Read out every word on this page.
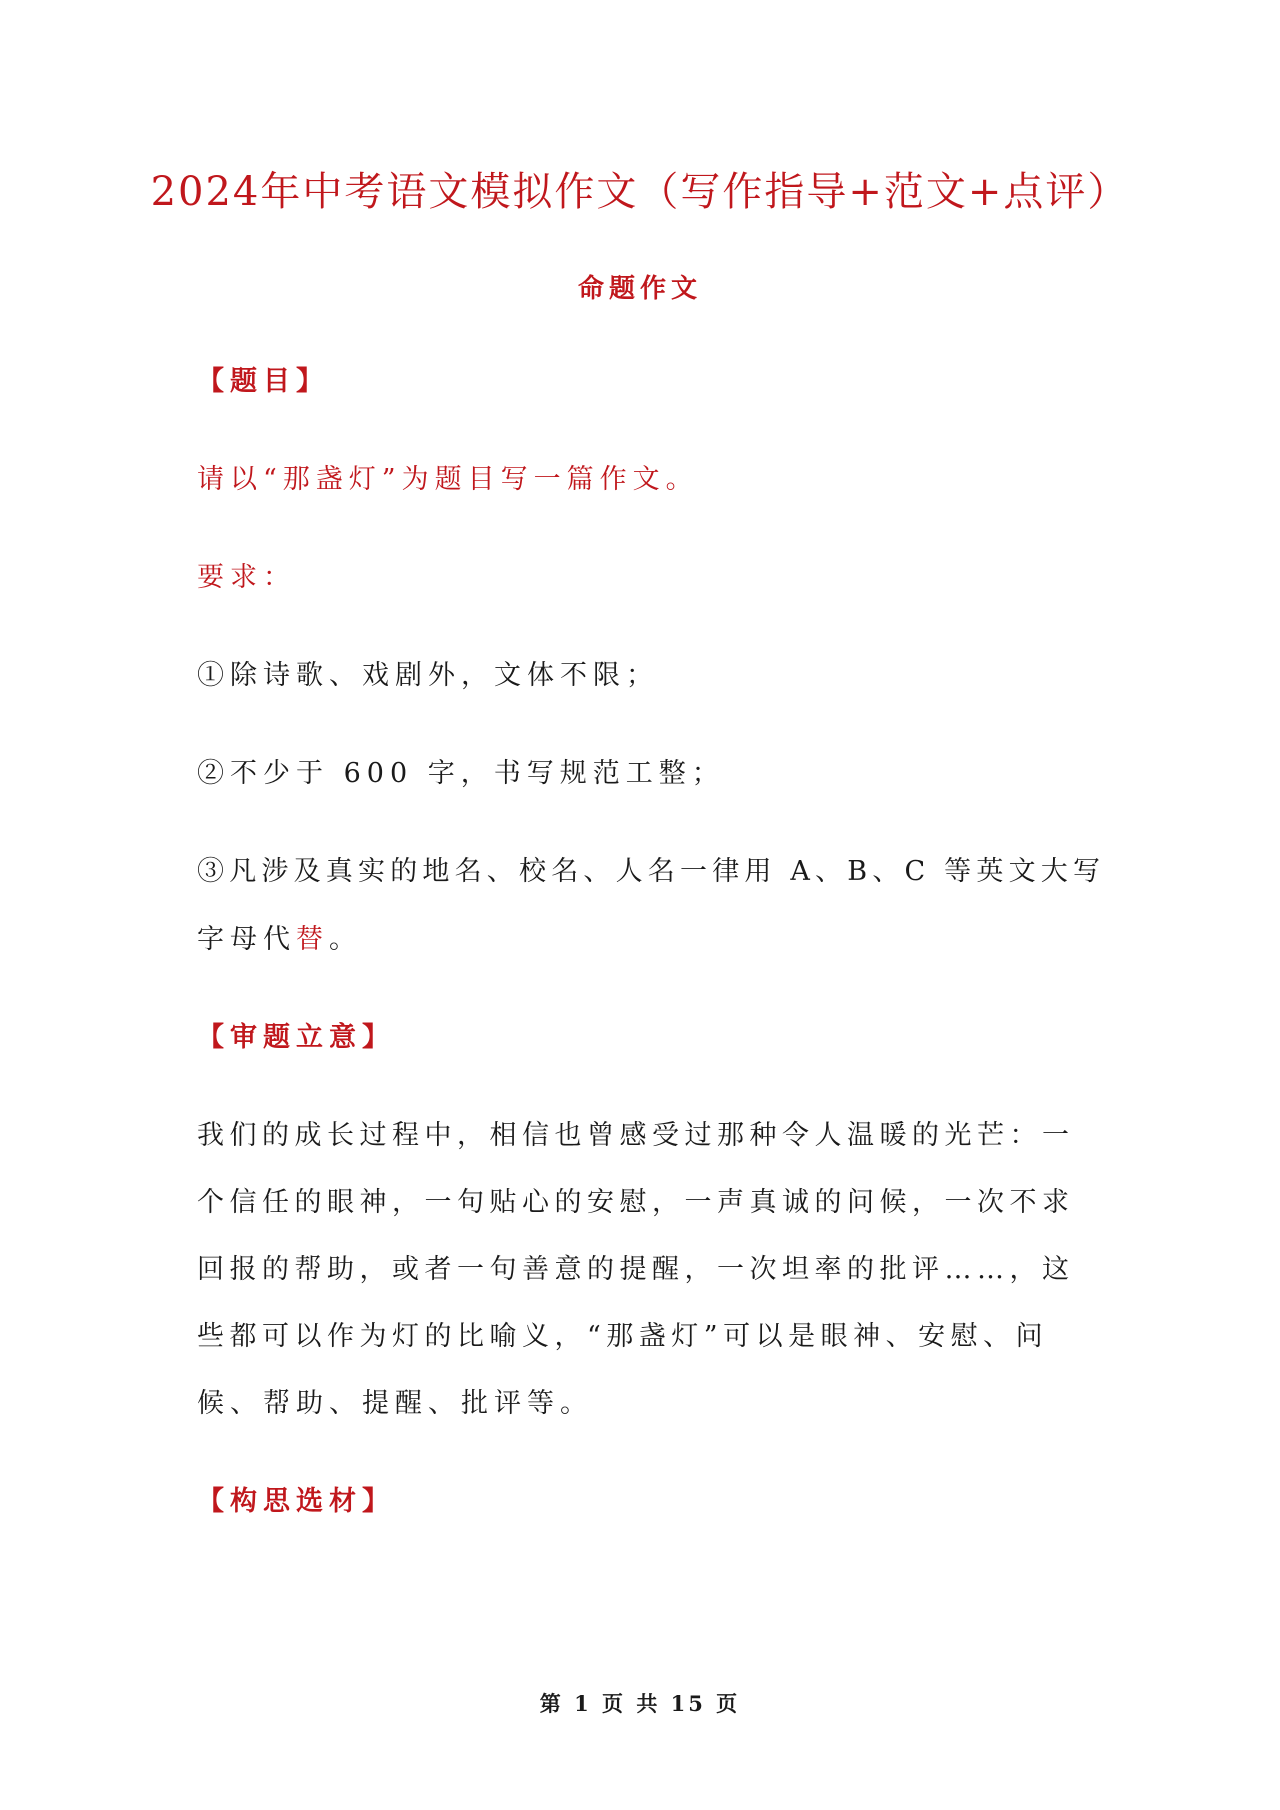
2024年中考语文模拟作文（写作指导+范文+点评）
命题作文
【题目】
请以“那盏灯”为题目写一篇作文。
要求：
①除诗歌、戏剧外，文体不限；
②不少于 600 字，书写规范工整；
③凡涉及真实的地名、校名、人名一律用 A、B、C 等英文大写
字母代替。
【审题立意】
我们的成长过程中，相信也曾感受过那种令人温暖的光芒：一
个信任的眼神，一句贴心的安慰，一声真诚的问候，一次不求
回报的帮助，或者一句善意的提醒，一次坦率的批评……，这
些都可以作为灯的比喻义，“那盏灯”可以是眼神、安慰、问
候、帮助、提醒、批评等。
【构思选材】
第 1 页 共 15 页
